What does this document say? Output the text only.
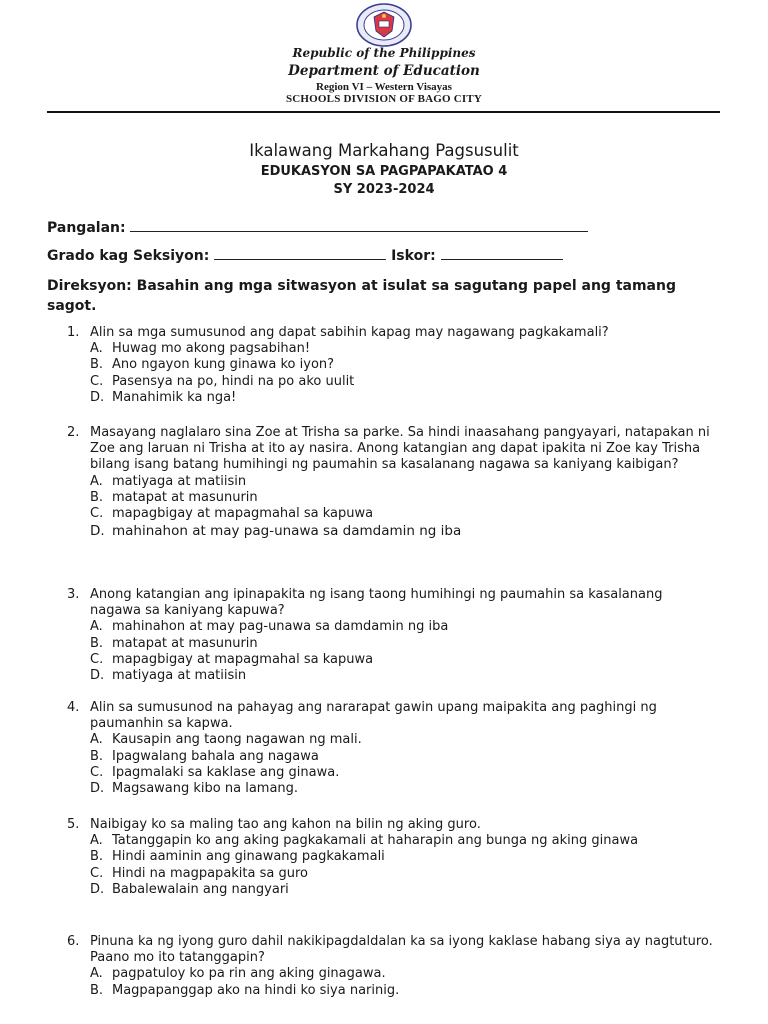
Republic of the Philippines
Department of Education
Region VI – Western Visayas
SCHOOLS DIVISION OF BAGO CITY
Ikalawang Markahang Pagsusulit
EDUKASYON SA PAGPAPAKATAO 4
SY 2023-2024
Pangalan:
Grado kag Seksiyon:	Iskor:
Direksyon: Basahin ang mga sitwasyon at isulat sa sagutang papel ang tamang sagot.
1. Alin sa mga sumusunod ang dapat sabihin kapag may nagawang pagkakamali?
A. Huwag mo akong pagsabihan!
B. Ano ngayon kung ginawa ko iyon?
C. Pasensya na po, hindi na po ako uulit
D. Manahimik ka nga!
2. Masayang naglalaro sina Zoe at Trisha sa parke. Sa hindi inaasahang pangyayari, natapakan ni Zoe ang laruan ni Trisha at ito ay nasira. Anong katangian ang dapat ipakita ni Zoe kay Trisha bilang isang batang humihingi ng paumahin sa kasalanang nagawa sa kaniyang kaibigan?
A. matiyaga at matiisin
B. matapat at masunurin
C. mapagbigay at mapagmahal sa kapuwa
D. mahinahon at may pag-unawa sa damdamin ng iba
3. Anong katangian ang ipinapakita ng isang taong humihingi ng paumahin sa kasalanang nagawa sa kaniyang kapuwa?
A. mahinahon at may pag-unawa sa damdamin ng iba
B. matapat at masunurin
C. mapagbigay at mapagmahal sa kapuwa
D. matiyaga at matiisin
4. Alin sa sumusunod na pahayag ang nararapat gawin upang maipakita ang paghingi ng paumanhin sa kapwa.
A. Kausapin ang taong nagawan ng mali.
B. Ipagwalang bahala ang nagawa
C. Ipagmalaki sa kaklase ang ginawa.
D. Magsawang kibo na lamang.
5. Naibigay ko sa maling tao ang kahon na bilin ng aking guro.
A. Tatanggapin ko ang aking pagkakamali at haharapin ang bunga ng aking ginawa
B. Hindi aaminin ang ginawang pagkakamali
C. Hindi na magpapakita sa guro
D. Babalewalain ang nangyari
6. Pinuna ka ng iyong guro dahil nakikipagdaldalan ka sa iyong kaklase habang siya ay nagtuturo. Paano mo ito tatanggapin?
A. pagpatuloy ko pa rin ang aking ginagawa.
B. Magpapanggap ako na hindi ko siya narinig.
